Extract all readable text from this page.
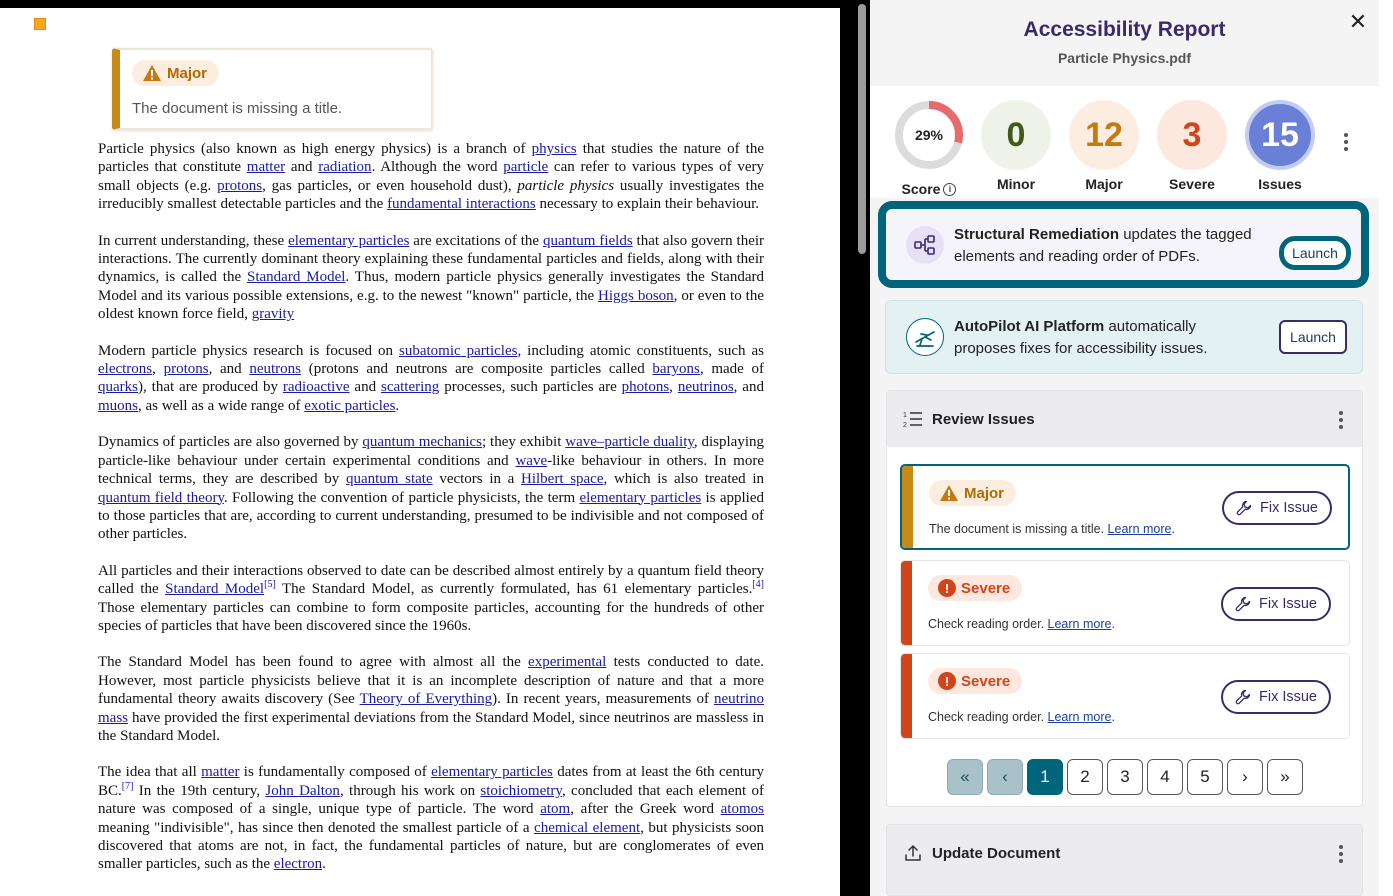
Major
The document is missing a title.

Particle physics (also known as high energy physics) is a branch of physics that studies the nature of the particles that constitute matter and radiation. Although the word particle can refer to various types of very small objects (e.g. protons, gas particles, or even household dust), particle physics usually investigates the irreducibly smallest detectable particles and the fundamental interactions necessary to explain their behaviour.

In current understanding, these elementary particles are excitations of the quantum fields that also govern their interactions. The currently dominant theory explaining these fundamental particles and fields, along with their dynamics, is called the Standard Model. Thus, modern particle physics generally investigates the Standard Model and its various possible extensions, e.g. to the newest "known" particle, the Higgs boson, or even to the oldest known force field, gravity

Modern particle physics research is focused on subatomic particles, including atomic constituents, such as electrons, protons, and neutrons (protons and neutrons are composite particles called baryons, made of quarks), that are produced by radioactive and scattering processes, such particles are photons, neutrinos, and muons, as well as a wide range of exotic particles.

Dynamics of particles are also governed by quantum mechanics; they exhibit wave–particle duality, displaying particle-like behaviour under certain experimental conditions and wave-like behaviour in others. In more technical terms, they are described by quantum state vectors in a Hilbert space, which is also treated in quantum field theory. Following the convention of particle physicists, the term elementary particles is applied to those particles that are, according to current understanding, presumed to be indivisible and not composed of other particles.

All particles and their interactions observed to date can be described almost entirely by a quantum field theory called the Standard Model[5] The Standard Model, as currently formulated, has 61 elementary particles.[4] Those elementary particles can combine to form composite particles, accounting for the hundreds of other species of particles that have been discovered since the 1960s.

The Standard Model has been found to agree with almost all the experimental tests conducted to date. However, most particle physicists believe that it is an incomplete description of nature and that a more fundamental theory awaits discovery (See Theory of Everything). In recent years, measurements of neutrino mass have provided the first experimental deviations from the Standard Model, since neutrinos are massless in the Standard Model.

The idea that all matter is fundamentally composed of elementary particles dates from at least the 6th century BC.[7] In the 19th century, John Dalton, through his work on stoichiometry, concluded that each element of nature was composed of a single, unique type of particle. The word atom, after the Greek word atomos meaning "indivisible", has since then denoted the smallest particle of a chemical element, but physicists soon discovered that atoms are not, in fact, the fundamental particles of nature, but are conglomerates of even smaller particles, such as the electron.

Accessibility Report
Particle Physics.pdf
✕
29%
Score i
0
Minor
12
Major
3
Severe
15
Issues
Structural Remediation updates the tagged elements and reading order of PDFs.	Launch
AutoPilot AI Platform automatically proposes fixes for accessibility issues.
Launch
1
2 Review Issues
Major
The document is missing a title. Learn more.
Fix Issue
! Severe
Check reading order. Learn more.
Fix Issue
! Severe
Check reading order. Learn more.
Fix Issue
«	‹	1	2	3	4	5	›	»
Update Document
